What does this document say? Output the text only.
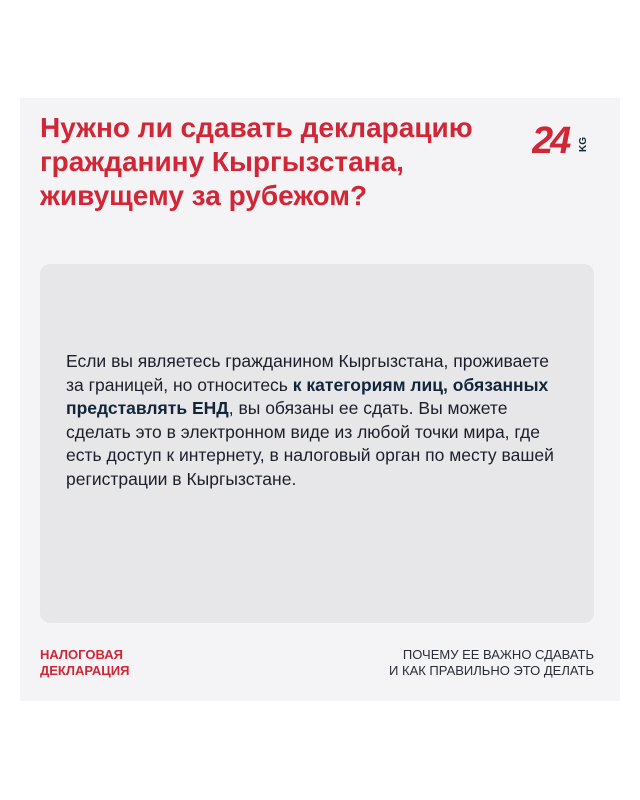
Нужно ли сдавать декларацию гражданину Кыргызстана, живущему за рубежом?
24 KG

Если вы являетесь гражданином Кыргызстана, проживаете за границей, но относитесь к категориям лиц, обязанных представлять ЕНД, вы обязаны ее сдать. Вы можете сделать это в электронном виде из любой точки мира, где есть доступ к интернету, в налоговый орган по месту вашей регистрации в Кыргызстане.

НАЛОГОВАЯ
ДЕКЛАРАЦИЯ
ПОЧЕМУ ЕЕ ВАЖНО СДАВАТЬ
И КАК ПРАВИЛЬНО ЭТО ДЕЛАТЬ
